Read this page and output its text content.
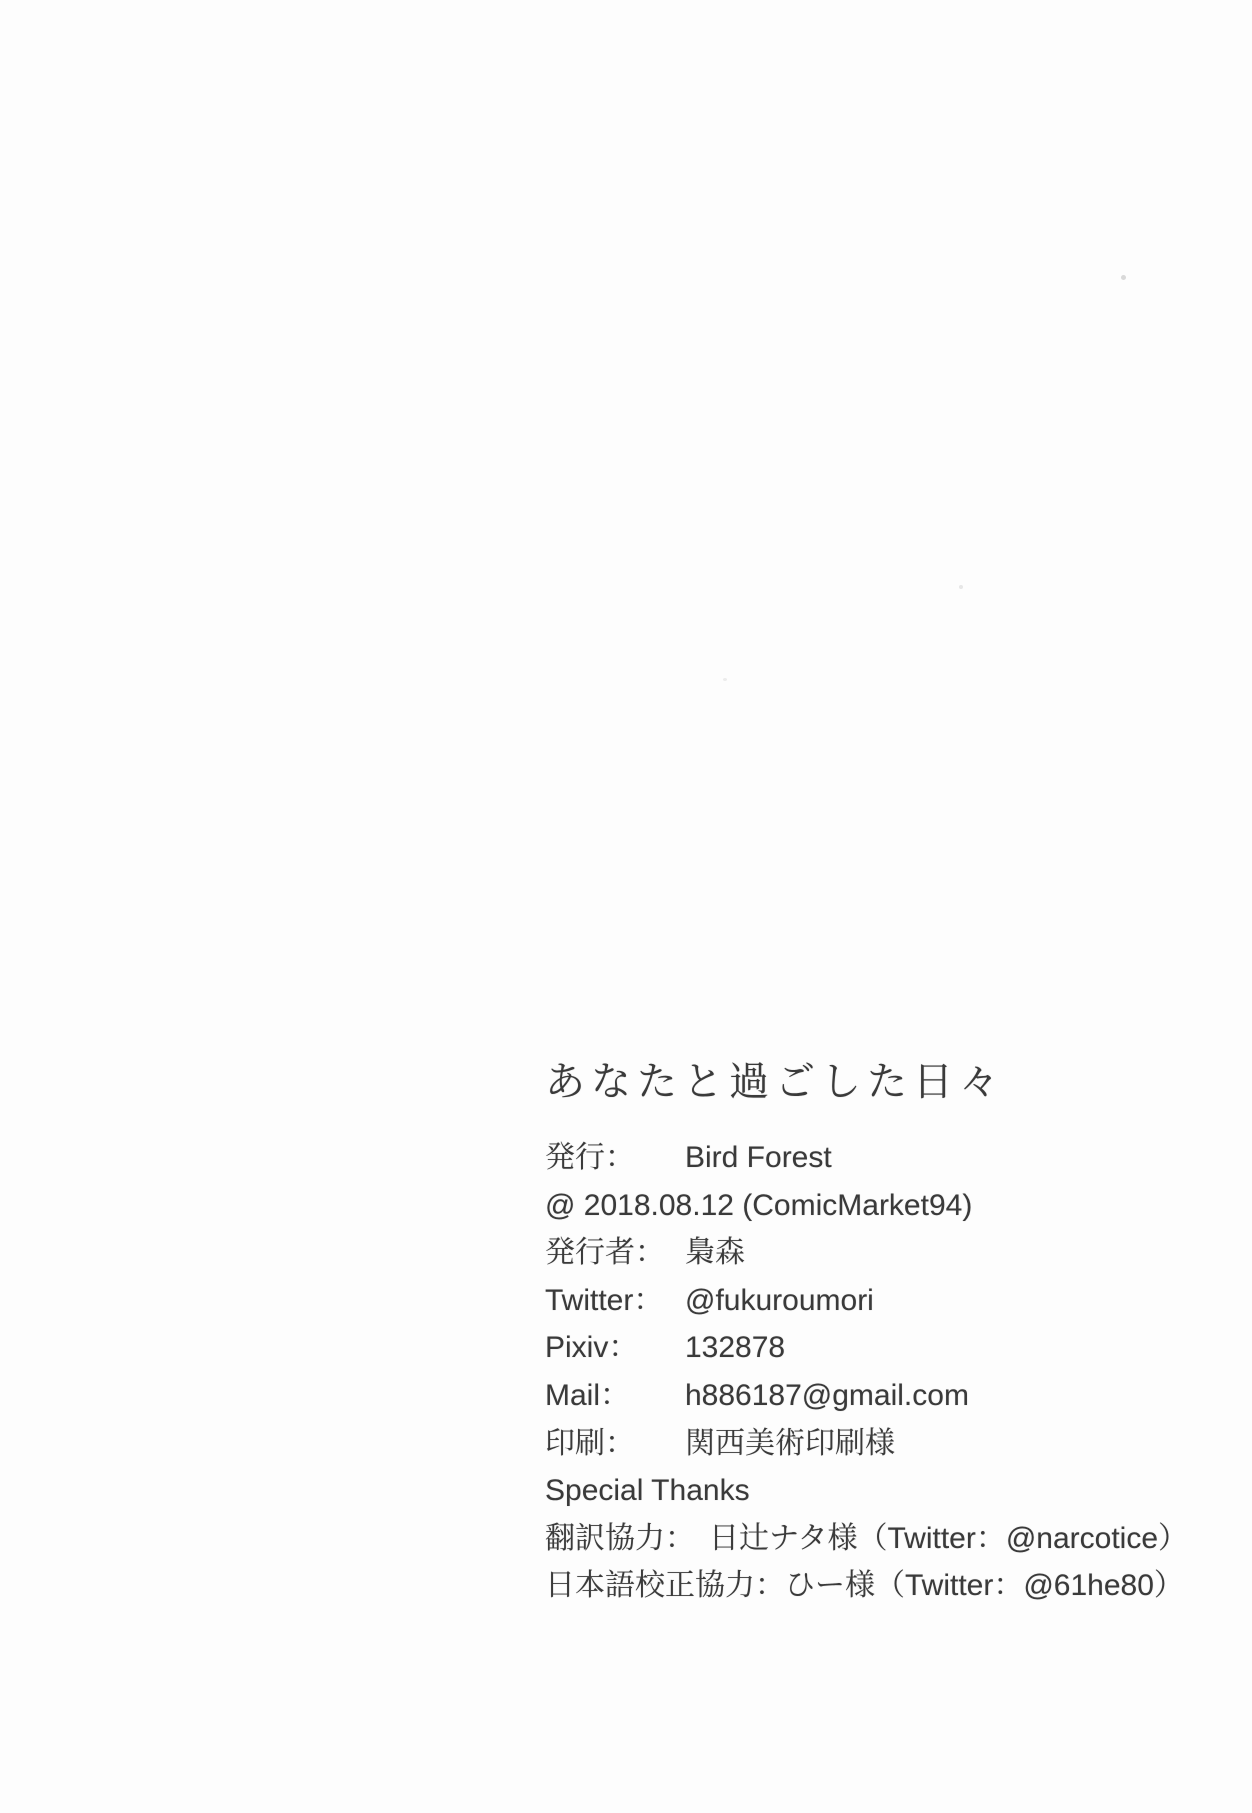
あなたと過ごした日々
発行： Bird Forest
@ 2018.08.12 (ComicMarket94)
発行者： 梟森
Twitter： @fukuroumori
Pixiv： 132878
Mail： h886187@gmail.com
印刷： 関西美術印刷様
Special Thanks
翻訳協力： 日辻ナタ様（Twitter：@narcotice）
日本語校正協力：ひー様（Twitter：@61he80）
